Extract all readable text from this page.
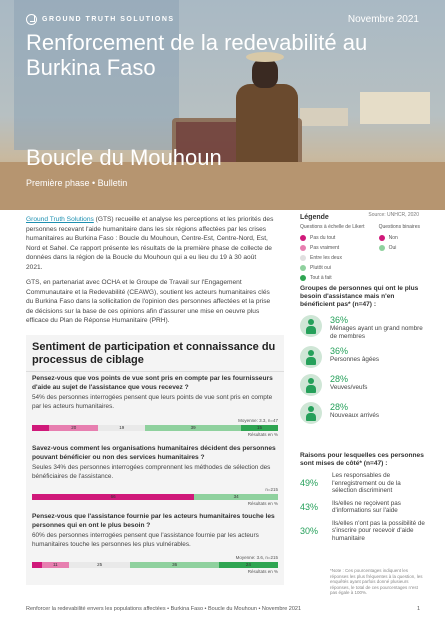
GROUND TRUTH SOLUTIONS	Novembre 2021
Renforcement de la redevabilité au Burkina Faso
Boucle du Mouhoun
Première phase • Bulletin
Source: UNHCR, 2020

Ground Truth Solutions (GTS) recueille et analyse les perceptions et les priorités des personnes recevant l'aide humanitaire dans les six régions affectées par les crises humanitaires au Burkina Faso : Boucle du Mouhoun, Centre-Est, Centre-Nord, Est, Nord et Sahel. Ce rapport présente les résultats de la première phase de collecte de données dans la région de la Boucle du Mouhoun qui a eu lieu du 19 à 30 août 2021.

GTS, en partenariat avec OCHA et le Groupe de Travail sur l'Engagement Communautaire et la Redevabilité (CEAWG), soutient les acteurs humanitaires clés du Burkina Faso dans la sollicitation de l'opinion des personnes affectées et la prise de décisions sur la base de ces opinions afin d'assurer une mise en oeuvre plus efficace du Plan de Réponse Humanitaire (PRH).

Légende
Questions à échelle de Likert
Pas du tout
Pas vraiment
Entre les deux
Plutôt oui
Tout à fait
Questions binaires
Non
Oui
Groupes de personnes qui ont le plus besoin d'assistance mais n'en bénéficient pas* (n=47) :
36%
Ménages ayant un grand nombre de membres
36%
Personnes âgées
28%
Veuves/veufs
28%
Nouveaux arrivés
Raisons pour lesquelles ces personnes sont mises de côté* (n=47) :
49%
Les responsables de l'enregistrement ou de la sélection discriminent
43%	Ils/elles ne reçoivent pas d'informations sur l'aide
30%
Ils/elles n'ont pas la possibilité de s'inscrire pour recevoir d'aide humanitaire
*Note : Ces pourcentages indiquent les réponses les plus fréquentes à la question, les enquêtés ayant parfois donné plusieurs réponses, le total de ces pourcentages n'est pas égale à 100%.
Sentiment de participation et connaissance du processus de ciblage
Pensez-vous que vos points de vue sont pris en compte par les fournisseurs d'aide au sujet de l'assistance que vous recevez ?
54% des personnes interrogées pensent que leurs points de vue sont pris en compte par les acteurs humanitaires.
Moyenne: 3.3, n=47
20	19	39	15
Résultats en %
Savez-vous comment les organisations humanitaires décident des personnes pouvant bénéficier ou non des services humanitaires ?
Seules 34% des personnes interrogées comprennent les méthodes de sélection des bénéficiaires de l'assistance.
n=215
66	34
Résultats en %
Pensez-vous que l'assistance fournie par les acteurs humanitaires touche les personnes qui en ont le plus besoin ?
60% des personnes interrogées pensent que l'assistance fournie par les acteurs humanitaires touche les personnes les plus vulnérables.
Moyenne: 3.6, n=215
11	25	36	24
Résultats en %
Renforcer la redevabilité envers les populations affectées • Burkina Faso • Boucle du Mouhoun • Novembre 2021	1
